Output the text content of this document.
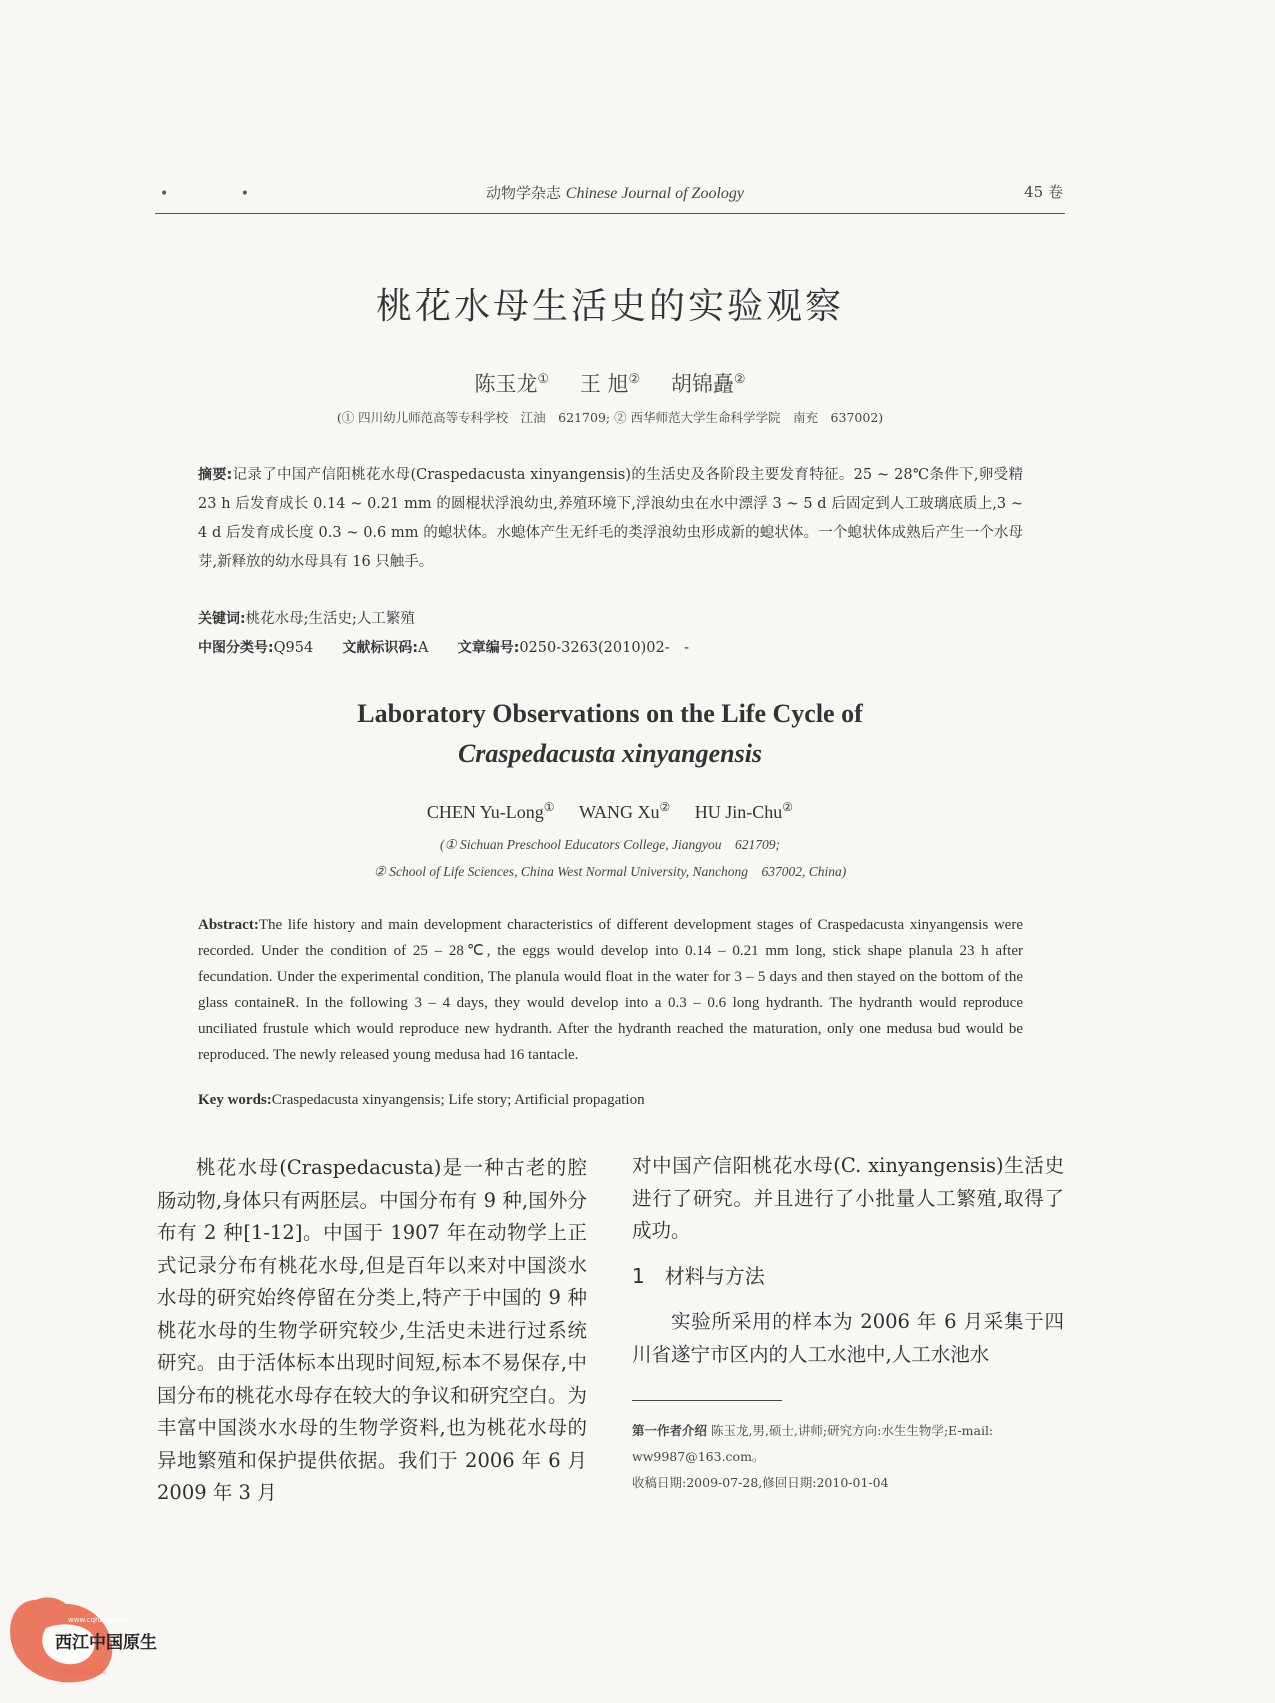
• •	动物学杂志 Chinese Journal of Zoology	45 卷
桃花水母生活史的实验观察
陈玉龙① 王 旭② 胡锦矗②
(① 四川幼儿师范高等专科学校　江油　621709; ② 西华师范大学生命科学学院　南充　637002)
摘要:记录了中国产信阳桃花水母(Craspedacusta xinyangensis)的生活史及各阶段主要发育特征。25 ~ 28℃条件下,卵受精 23 h 后发育成长 0.14 ~ 0.21 mm 的圆棍状浮浪幼虫,养殖环境下,浮浪幼虫在水中漂浮 3 ~ 5 d 后固定到人工玻璃底质上,3 ~ 4 d 后发育成长度 0.3 ~ 0.6 mm 的螅状体。水螅体产生无纤毛的类浮浪幼虫形成新的螅状体。一个螅状体成熟后产生一个水母芽,新释放的幼水母具有 16 只触手。
关键词:桃花水母;生活史;人工繁殖
中图分类号:Q954 文献标识码:A 文章编号:0250-3263(2010)02-　-
Laboratory Observations on the Life Cycle of
Craspedacusta xinyangensis
CHEN Yu-Long① WANG Xu② HU Jin-Chu②
(① Sichuan Preschool Educators College, Jiangyou　621709;
② School of Life Sciences, China West Normal University, Nanchong　637002, China)
Abstract:The life history and main development characteristics of different development stages of Craspedacusta xinyangensis were recorded. Under the condition of 25 – 28℃, the eggs would develop into 0.14 – 0.21 mm long, stick shape planula 23 h after fecundation. Under the experimental condition, The planula would float in the water for 3 – 5 days and then stayed on the bottom of the glass containeR. In the following 3 – 4 days, they would develop into a 0.3 – 0.6 long hydranth. The hydranth would reproduce unciliated frustule which would reproduce new hydranth. After the hydranth reached the maturation, only one medusa bud would be reproduced. The newly released young medusa had 16 tantacle.
Key words:Craspedacusta xinyangensis; Life story; Artificial propagation

桃花水母(Craspedacusta)是一种古老的腔肠动物,身体只有两胚层。中国分布有 9 种,国外分布有 2 种[1-12]。中国于 1907 年在动物学上正式记录分布有桃花水母,但是百年以来对中国淡水水母的研究始终停留在分类上,特产于中国的 9 种桃花水母的生物学研究较少,生活史未进行过系统研究。由于活体标本出现时间短,标本不易保存,中国分布的桃花水母存在较大的争议和研究空白。为丰富中国淡水水母的生物学资料,也为桃花水母的异地繁殖和保护提供依据。我们于 2006 年 6 月 2009 年 3 月

对中国产信阳桃花水母(C. xinyangensis)生活史进行了研究。并且进行了小批量人工繁殖,取得了成功。

1 材料与方法

实验所采用的样本为 2006 年 6 月采集于四川省遂宁市区内的人工水池中,人工水池水

第一作者介绍 陈玉龙,男,硕士,讲师;研究方向:水生生物学;E-mail: ww9987@163.com。
收稿日期:2009-07-28,修回日期:2010-01-04
www.cqhzq.com
守望中国原生之美
西江中国原生
